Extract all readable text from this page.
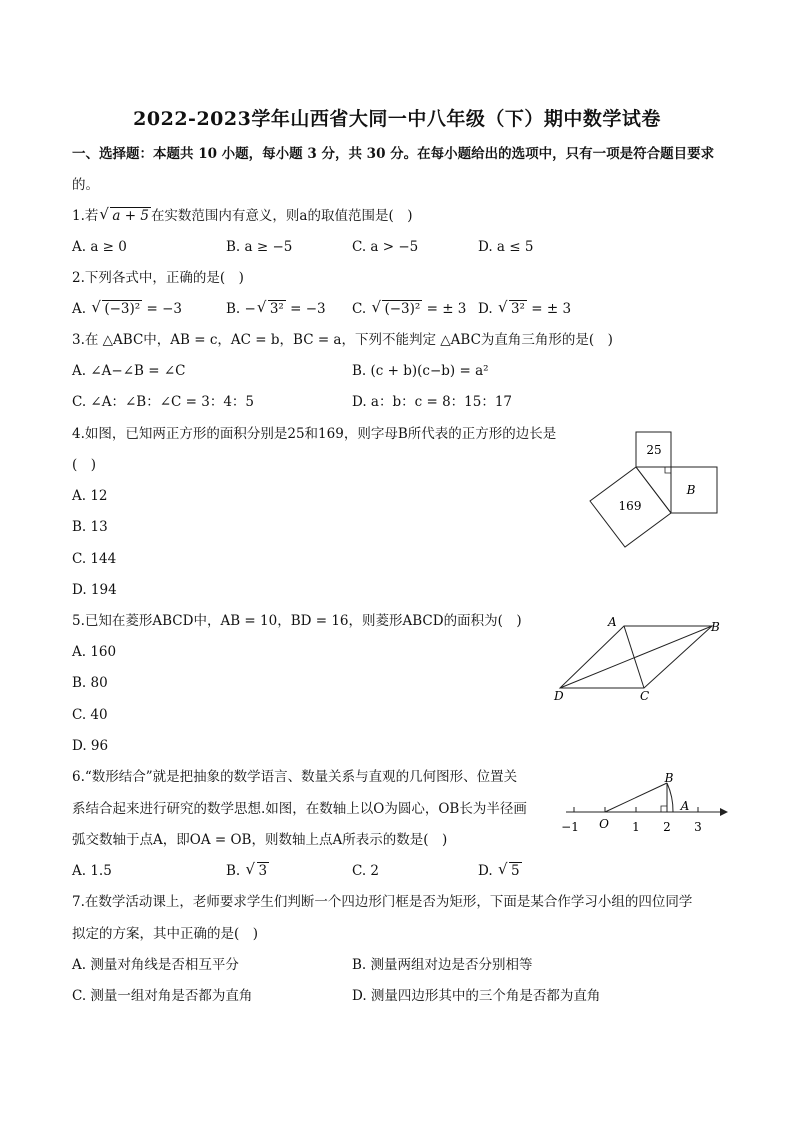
2022-2023学年山西省大同一中八年级（下）期中数学试卷
一、选择题：本题共 10 小题，每小题 3 分，共 30 分。在每小题给出的选项中，只有一项是符合题目要求
的。
1.若 √ a + 5 在实数范围内有意义，则a的取值范围是(　)
A. a ≥ 0	B. a ≥ −5	C. a > −5	D. a ≤ 5
2.下列各式中，正确的是(　)
A. √ (−3)² = −3	B. − √ 3² = −3 C. √ (−3)² = ± 3 D. √ 3² = ± 3
3.在 △ABC中，AB = c，AC = b，BC = a，下列不能判定 △ABC为直角三角形的是(　)
A. ∠A−∠B = ∠C	B. (c + b)(c−b) = a²
C. ∠A：∠B：∠C = 3：4：5	D. a：b：c = 8：15：17
4.如图，已知两正方形的面积分别是25和169，则字母B所代表的正方形的边长是
(　)
A. 12
B. 13
C. 144
D. 194
25
169
B
5.已知在菱形ABCD中，AB = 10，BD = 16，则菱形ABCD的面积为(　)
A. 160
B. 80
C. 40
D. 96
A	B
C
D
6.“数形结合”就是把抽象的数学语言、数量关系与直观的几何图形、位置关
系结合起来进行研究的数学思想.如图，在数轴上以O为圆心，OB长为半径画
弧交数轴于点A，即OA = OB，则数轴上点A所表示的数是(　)
A. 1.5	B. √ 3	C. 2	D. √ 5
−1 O 1 2 3
B
A
7.在数学活动课上，老师要求学生们判断一个四边形门框是否为矩形，下面是某合作学习小组的四位同学
拟定的方案，其中正确的是(　)
A. 测量对角线是否相互平分	B. 测量两组对边是否分别相等
C. 测量一组对角是否都为直角	D. 测量四边形其中的三个角是否都为直角
